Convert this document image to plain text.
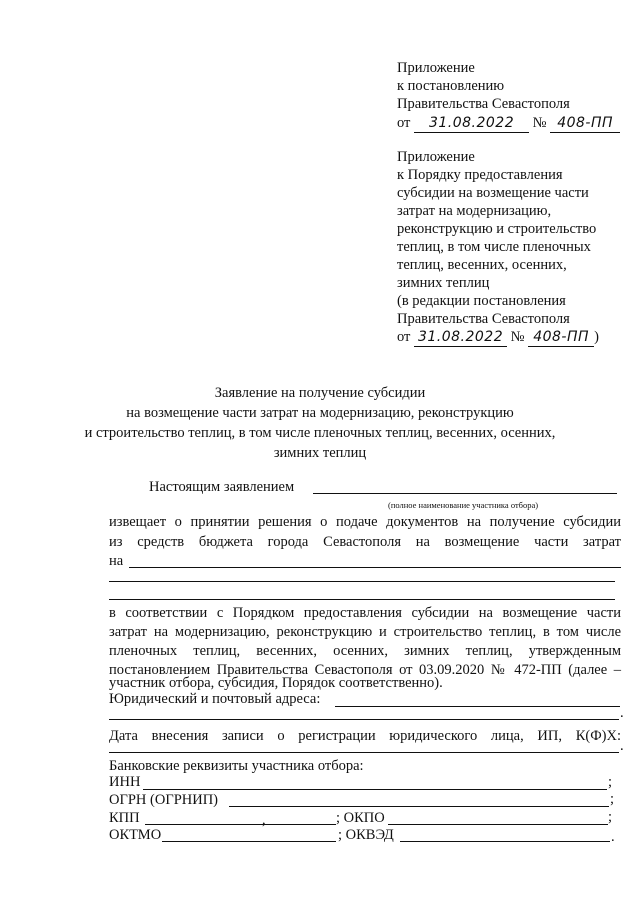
Приложение
к постановлению
Правительства Севастополя
от 31.08.2022 № 408-ПП
Приложение
к Порядку предоставления
субсидии на возмещение части
затрат на модернизацию,
реконструкцию и строительство
теплиц, в том числе пленочных
теплиц, весенних, осенних,
зимних теплиц
(в редакции постановления
Правительства Севастополя
от 31.08.2022 № 408-ПП )
Заявление на получение субсидии
на возмещение части затрат на модернизацию, реконструкцию
и строительство теплиц, в том числе пленочных теплиц, весенних, осенних,
зимних теплиц
Настоящим заявлением
(полное наименование участника отбора)
извещает о принятии решения о подаче документов на получение субсидии
из средств бюджета города Севастополя на возмещение части затрат
на
в соответствии с Порядком предоставления субсидии на возмещение части
затрат на модернизацию, реконструкцию и строительство теплиц, в том числе
пленочных теплиц, весенних, осенних, зимних теплиц, утвержденным
постановлением Правительства Севастополя от 03.09.2020 № 472-ПП (далее –
участник отбора, субсидия, Порядок соответственно).
Юридический и почтовый адреса:
.
Дата внесения записи о регистрации юридического лица, ИП, К(Ф)Х:
.
Банковские реквизиты участника отбора:
ИНН	;
ОГРН (ОГРНИП)	;
КПП	,	; ОКПО	;
ОКТМО	; ОКВЭД	.
